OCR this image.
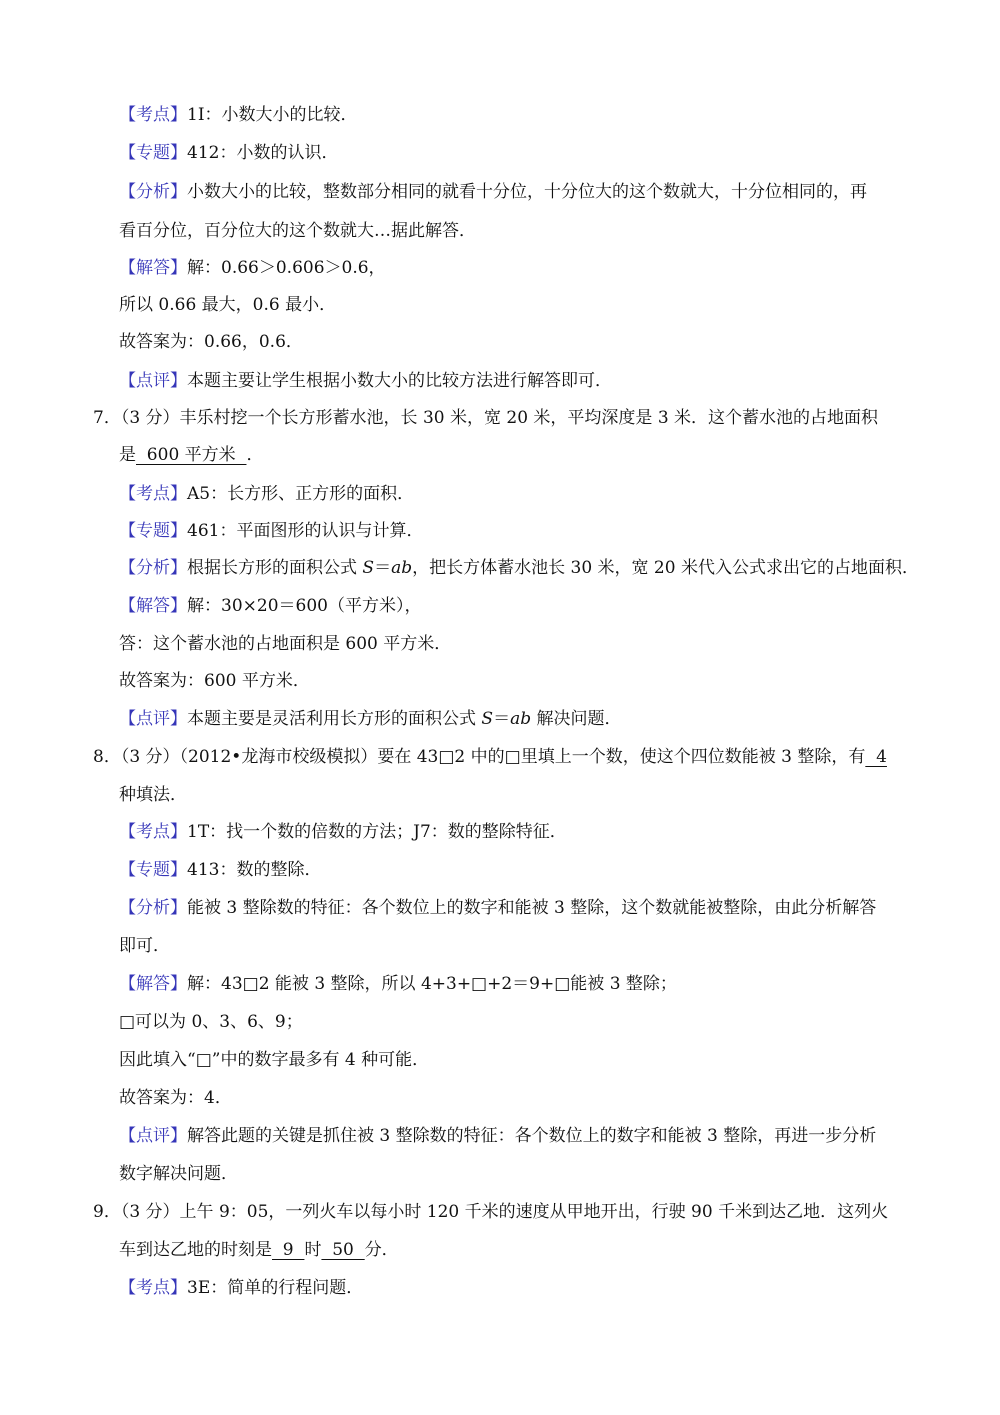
【考点】1I：小数大小的比较．
【专题】412：小数的认识．
【分析】小数大小的比较，整数部分相同的就看十分位，十分位大的这个数就大，十分位相同的，再
看百分位，百分位大的这个数就大…据此解答．
【解答】解：0.66＞0.606＞0.6，
所以 0.66 最大，0.6 最小．
故答案为：0.66，0.6．
【点评】本题主要让学生根据小数大小的比较方法进行解答即可．
7．（3 分）丰乐村挖一个长方形蓄水池，长 30 米，宽 20 米，平均深度是 3 米．这个蓄水池的占地面积
是  600 平方米  ．
【考点】A5：长方形、正方形的面积．
【专题】461：平面图形的认识与计算．
【分析】根据长方形的面积公式 S＝ab，把长方体蓄水池长 30 米，宽 20 米代入公式求出它的占地面积．
【解答】解：30×20＝600（平方米），
答：这个蓄水池的占地面积是 600 平方米．
故答案为：600 平方米．
【点评】本题主要是灵活利用长方形的面积公式 S＝ab 解决问题．
8．（3 分）（2012•龙海市校级模拟）要在 43□2 中的□里填上一个数，使这个四位数能被 3 整除，有  4
种填法．
【考点】1T：找一个数的倍数的方法；J7：数的整除特征．
【专题】413：数的整除．
【分析】能被 3 整除数的特征：各个数位上的数字和能被 3 整除，这个数就能被整除，由此分析解答
即可．
【解答】解：43□2 能被 3 整除，所以 4+3+□+2＝9+□能被 3 整除；
□可以为 0、3、6、9；
因此填入“□”中的数字最多有 4 种可能．
故答案为：4．
【点评】解答此题的关键是抓住被 3 整除数的特征：各个数位上的数字和能被 3 整除，再进一步分析
数字解决问题．
9．（3 分）上午 9：05，一列火车以每小时 120 千米的速度从甲地开出，行驶 90 千米到达乙地．这列火
车到达乙地的时刻是  9  时  50  分．
【考点】3E：简单的行程问题．
